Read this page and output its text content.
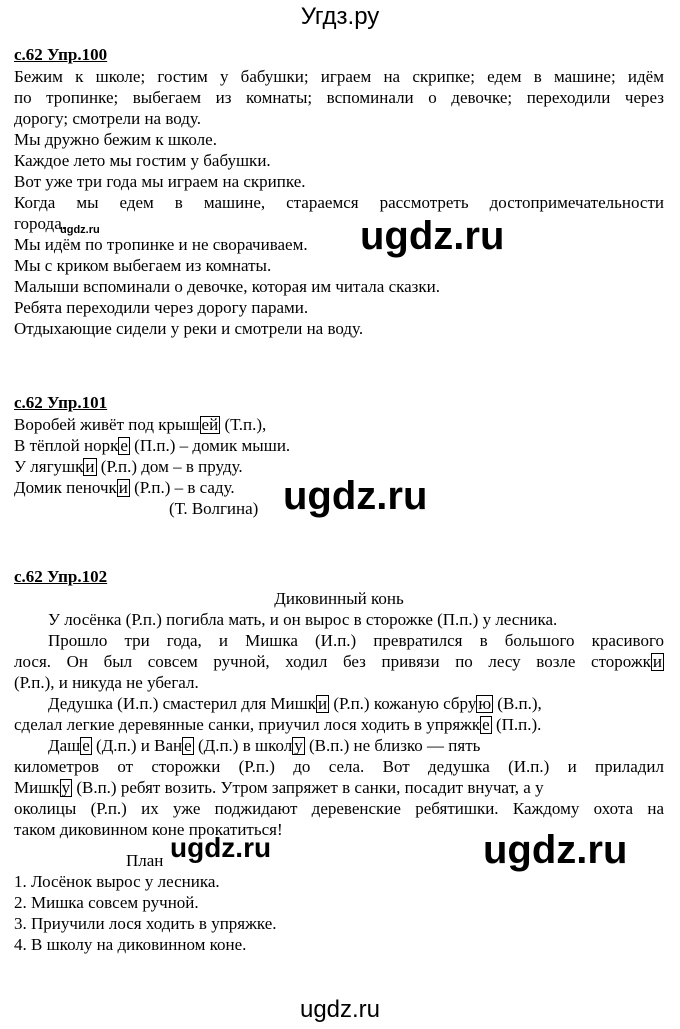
Угдз.ру
с.62 Упр.100
Бежим к школе; гостим у бабушки; играем на скрипке; едем в машине; идём
по тропинке; выбегаем из комнаты; вспоминали о девочке; переходили через
дорогу; смотрели на воду.
Мы дружно бежим к школе.
Каждое лето мы гостим у бабушки.
Вот уже три года мы играем на скрипке.
Когда мы едем в машине, стараемся рассмотреть достопримечательности
города.
Мы идём по тропинке и не сворачиваем.
Мы с криком выбегаем из комнаты.
Малыши вспоминали о девочке, которая им читала сказки.
Ребята переходили через дорогу парами.
Отдыхающие сидели у реки и смотрели на воду.
ugdz.ru	ugdz.ru
с.62 Упр.101
Воробей живёт под крыш ей (Т.п.),
В тёплой норк е (П.п.) – домик мыши.
У лягушк и (Р.п.) дом – в пруду.
Домик пеночк и (Р.п.) – в саду.
(Т. Волгина) ugdz.ru
с.62 Упр.102
Диковинный конь
У лосёнка (Р.п.) погибла мать, и он вырос в сторожке (П.п.) у лесника.
Прошло три года, и Мишка (И.п.) превратился в большого красивого
лося. Он был совсем ручной, ходил без привязи по лесу возле сторожк и
(Р.п.), и никуда не убегал.
Дедушка (И.п.) смастерил для Мишк и (Р.п.) кожаную сбру ю (В.п.),
сделал легкие деревянные санки, приучил лося ходить в упряжк е (П.п.).
Даш е (Д.п.) и Ван е (Д.п.) в школ у (В.п.) не близко — пять
километров от сторожки (Р.п.) до села. Вот дедушка (И.п.) и приладил
Мишк у (В.п.) ребят возить. Утром запряжет в санки, посадит внучат, а у
околицы (Р.п.) их уже поджидают деревенские ребятишки. Каждому охота на
таком диковинном коне прокатиться!
План
1. Лосёнок вырос у лесника.
2. Мишка совсем ручной.
3. Приучили лося ходить в упряжке.
4. В школу на диковинном коне.
ugdz.ru	ugdz.ru
ugdz.ru
